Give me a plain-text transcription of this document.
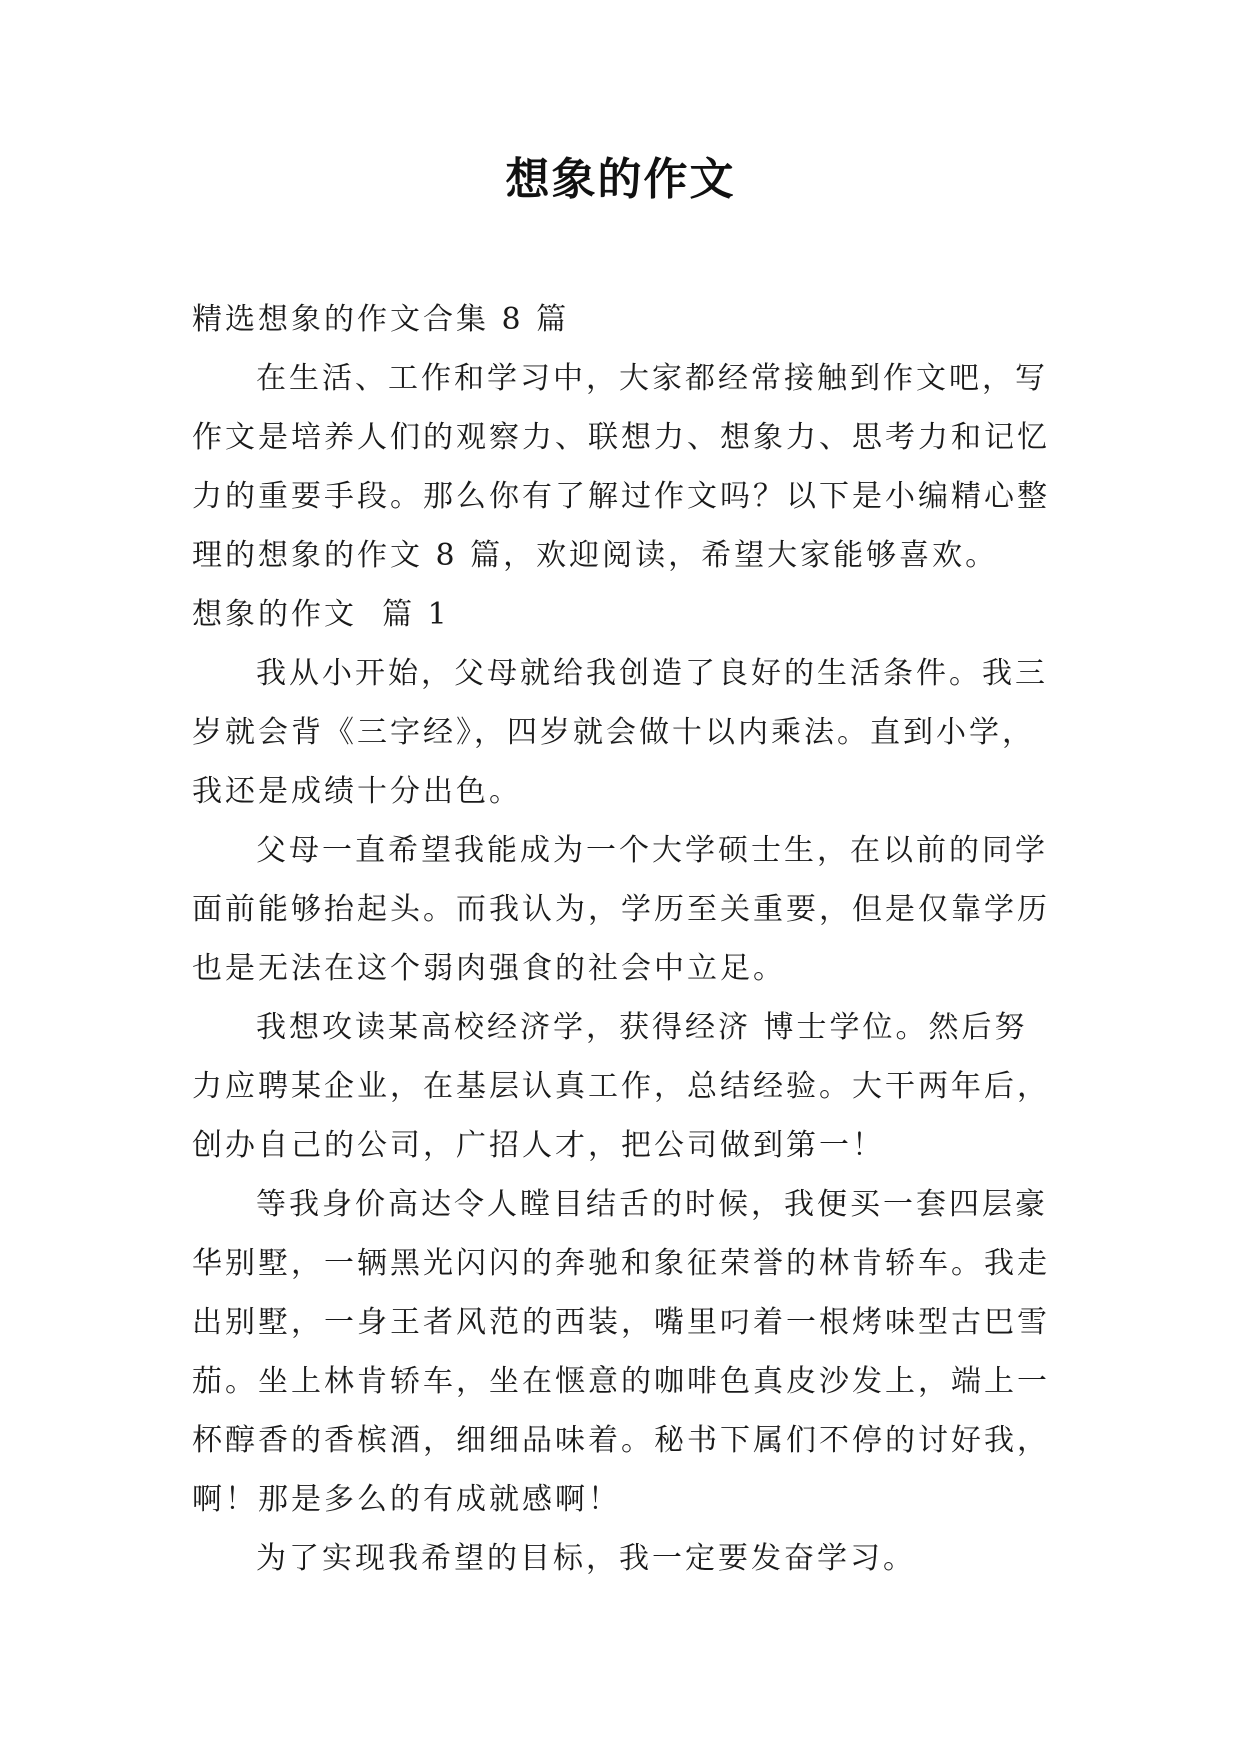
想象的作文
精选想象的作文合集 8 篇
在生活、工作和学习中，大家都经常接触到作文吧，写
作文是培养人们的观察力、联想力、想象力、思考力和记忆
力的重要手段。那么你有了解过作文吗？以下是小编精心整
理的想象的作文 8 篇，欢迎阅读，希望大家能够喜欢。
想象的作文  篇 1
我从小开始，父母就给我创造了良好的生活条件。我三
岁就会背《三字经》，四岁就会做十以内乘法。直到小学，
我还是成绩十分出色。
父母一直希望我能成为一个大学硕士生，在以前的同学
面前能够抬起头。而我认为，学历至关重要，但是仅靠学历
也是无法在这个弱肉强食的社会中立足。
我想攻读某高校经济学，获得经济 博士学位。然后努
力应聘某企业，在基层认真工作，总结经验。大干两年后，
创办自己的公司，广招人才，把公司做到第一！
等我身价高达令人瞠目结舌的时候，我便买一套四层豪
华别墅，一辆黑光闪闪的奔驰和象征荣誉的林肯轿车。我走
出别墅，一身王者风范的西装，嘴里叼着一根烤味型古巴雪
茄。坐上林肯轿车，坐在惬意的咖啡色真皮沙发上，端上一
杯醇香的香槟酒，细细品味着。秘书下属们不停的讨好我，
啊！那是多么的有成就感啊！
为了实现我希望的目标，我一定要发奋学习。
